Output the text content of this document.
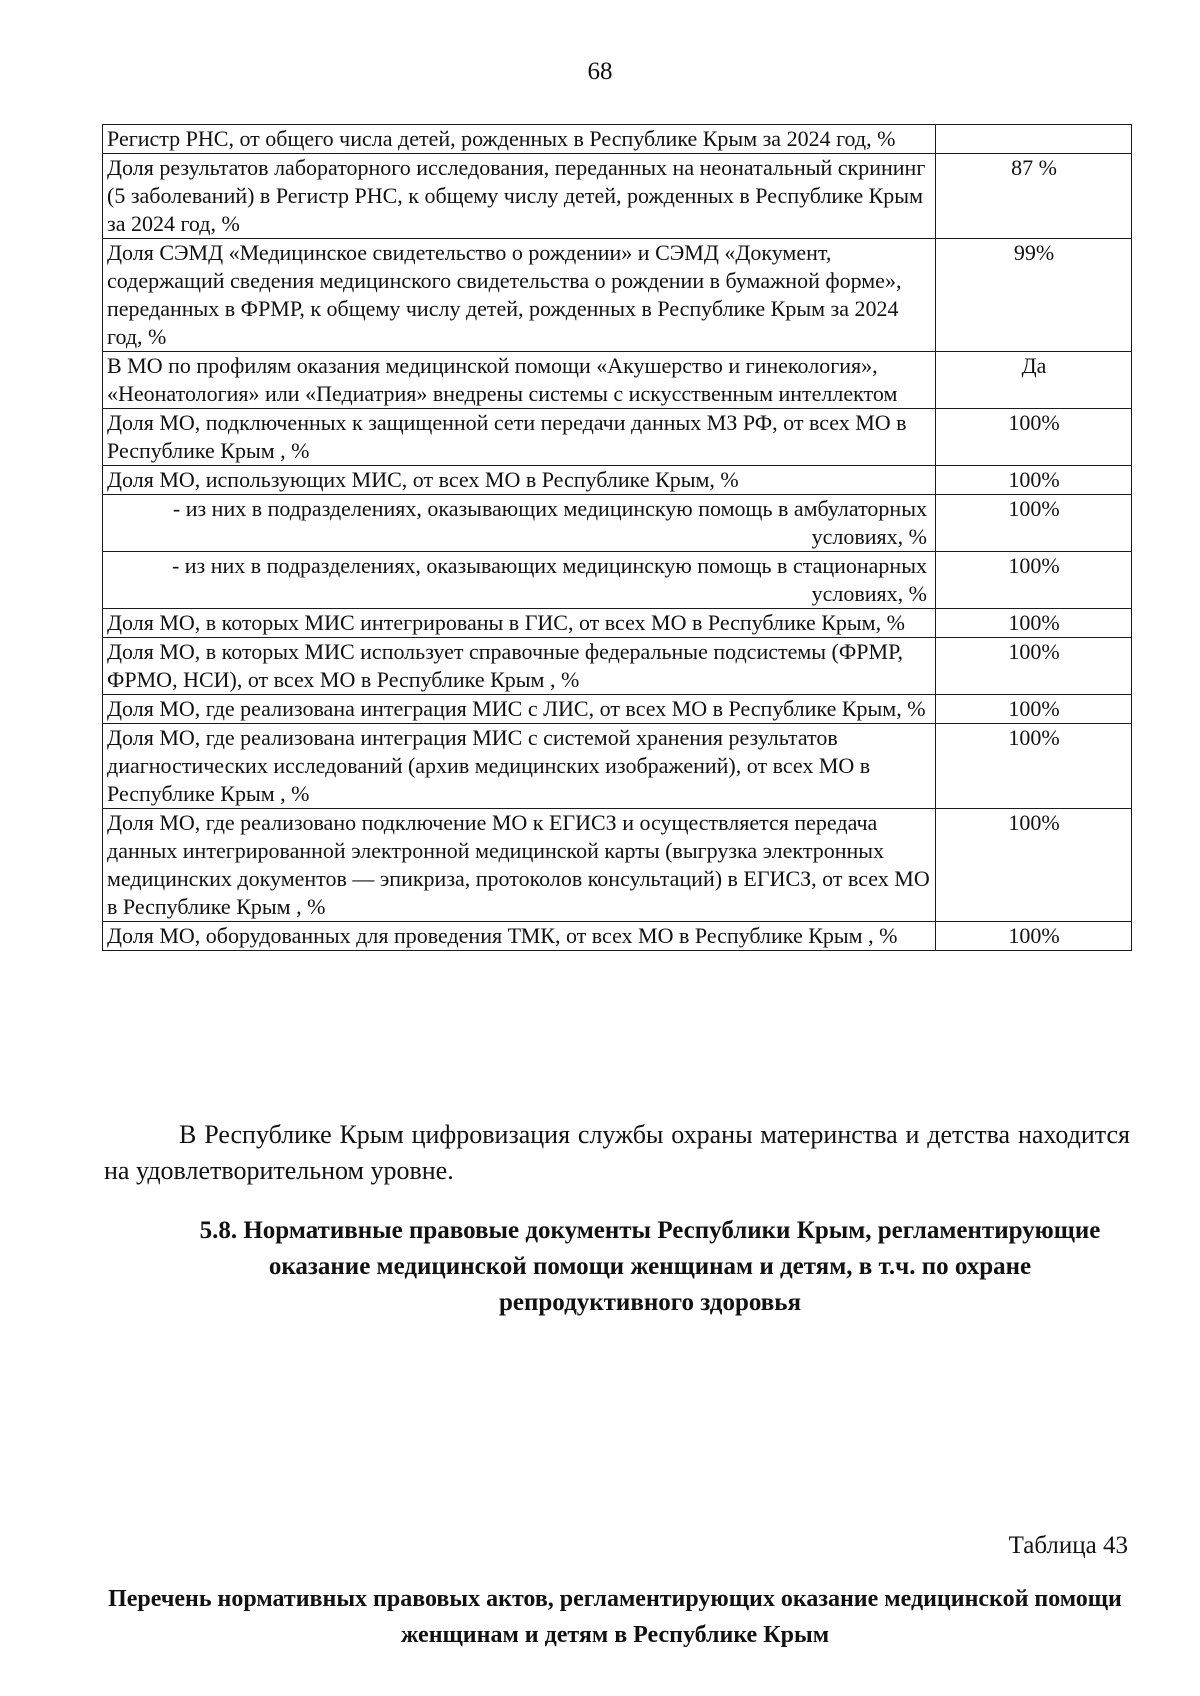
68
Регистр РНС, от общего числа детей, рожденных в Республике Крым за 2024 год, %	
Доля результатов лабораторного исследования, переданных на неонатальный скрининг (5 заболеваний) в Регистр РНС, к общему числу детей, рожденных в Республике Крым за 2024 год, %	87 %
Доля СЭМД «Медицинское свидетельство о рождении» и СЭМД «Документ, содержащий сведения медицинского свидетельства о рождении в бумажной форме», переданных в ФРМР, к общему числу детей, рожденных в Республике Крым за 2024 год, %	99%
В МО по профилям оказания медицинской помощи «Акушерство и гинекология», «Неонатология» или «Педиатрия» внедрены системы с искусственным интеллектом	Да
Доля МО, подключенных к защищенной сети передачи данных МЗ РФ, от всех МО в Республике Крым , %	100%
Доля МО, использующих МИС, от всех МО в Республике Крым, %	100%
- из них в подразделениях, оказывающих медицинскую помощь в амбулаторных условиях, %	100%
- из них в подразделениях, оказывающих медицинскую помощь в стационарных условиях, %	100%
Доля МО, в которых МИС интегрированы в ГИС, от всех МО в Республике Крым, %	100%
Доля МО, в которых МИС использует справочные федеральные подсистемы (ФРМР, ФРМО, НСИ), от всех МО в Республике Крым , %	100%
Доля МО, где реализована интеграция МИС с ЛИС, от всех МО в Республике Крым, %	100%
Доля МО, где реализована интеграция МИС с системой хранения результатов диагностических исследований (архив медицинских изображений), от всех МО в Республике Крым , %	100%
Доля МО, где реализовано подключение МО к ЕГИСЗ и осуществляется передача данных интегрированной электронной медицинской карты (выгрузка электронных медицинских документов — эпикриза, протоколов консультаций) в ЕГИСЗ, от всех МО в Республике Крым , %	100%
Доля МО, оборудованных для проведения ТМК, от всех МО в Республике Крым , %	100%

В Республике Крым цифровизация службы охраны материнства и детства находится на удовлетворительном уровне.

5.8. Нормативные правовые документы Республики Крым, регламентирующие оказание медицинской помощи женщинам и детям, в т.ч. по охране репродуктивного здоровья

Таблица 43

Перечень нормативных правовых актов, регламентирующих оказание медицинской помощи женщинам и детям в Республике Крым
